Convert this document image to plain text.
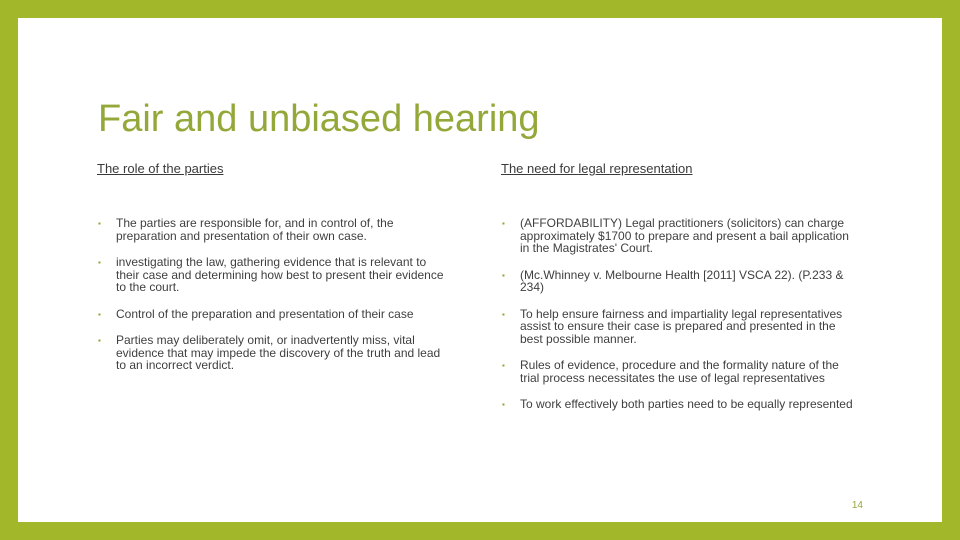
Fair and unbiased hearing
The role of the parties
▪ The parties are responsible for, and in control of, the preparation and presentation of their own case.
▪ investigating the law, gathering evidence that is relevant to their case and determining how best to present their evidence to the court.
▪ Control of the preparation and presentation of their case
▪ Parties may deliberately omit, or inadvertently miss, vital evidence that may impede the discovery of the truth and lead to an incorrect verdict.
The need for legal representation
▪ (AFFORDABILITY) Legal practitioners (solicitors) can charge approximately $1700 to prepare and present a bail application in the Magistrates' Court.
▪ (Mc.Whinney v. Melbourne Health [2011] VSCA 22). (P.233 & 234)
▪ To help ensure fairness and impartiality legal representatives assist to ensure their case is prepared and presented in the best possible manner.
▪ Rules of evidence, procedure and the formality nature of the trial process necessitates the use of legal representatives
▪ To work effectively both parties need to be equally represented
14
